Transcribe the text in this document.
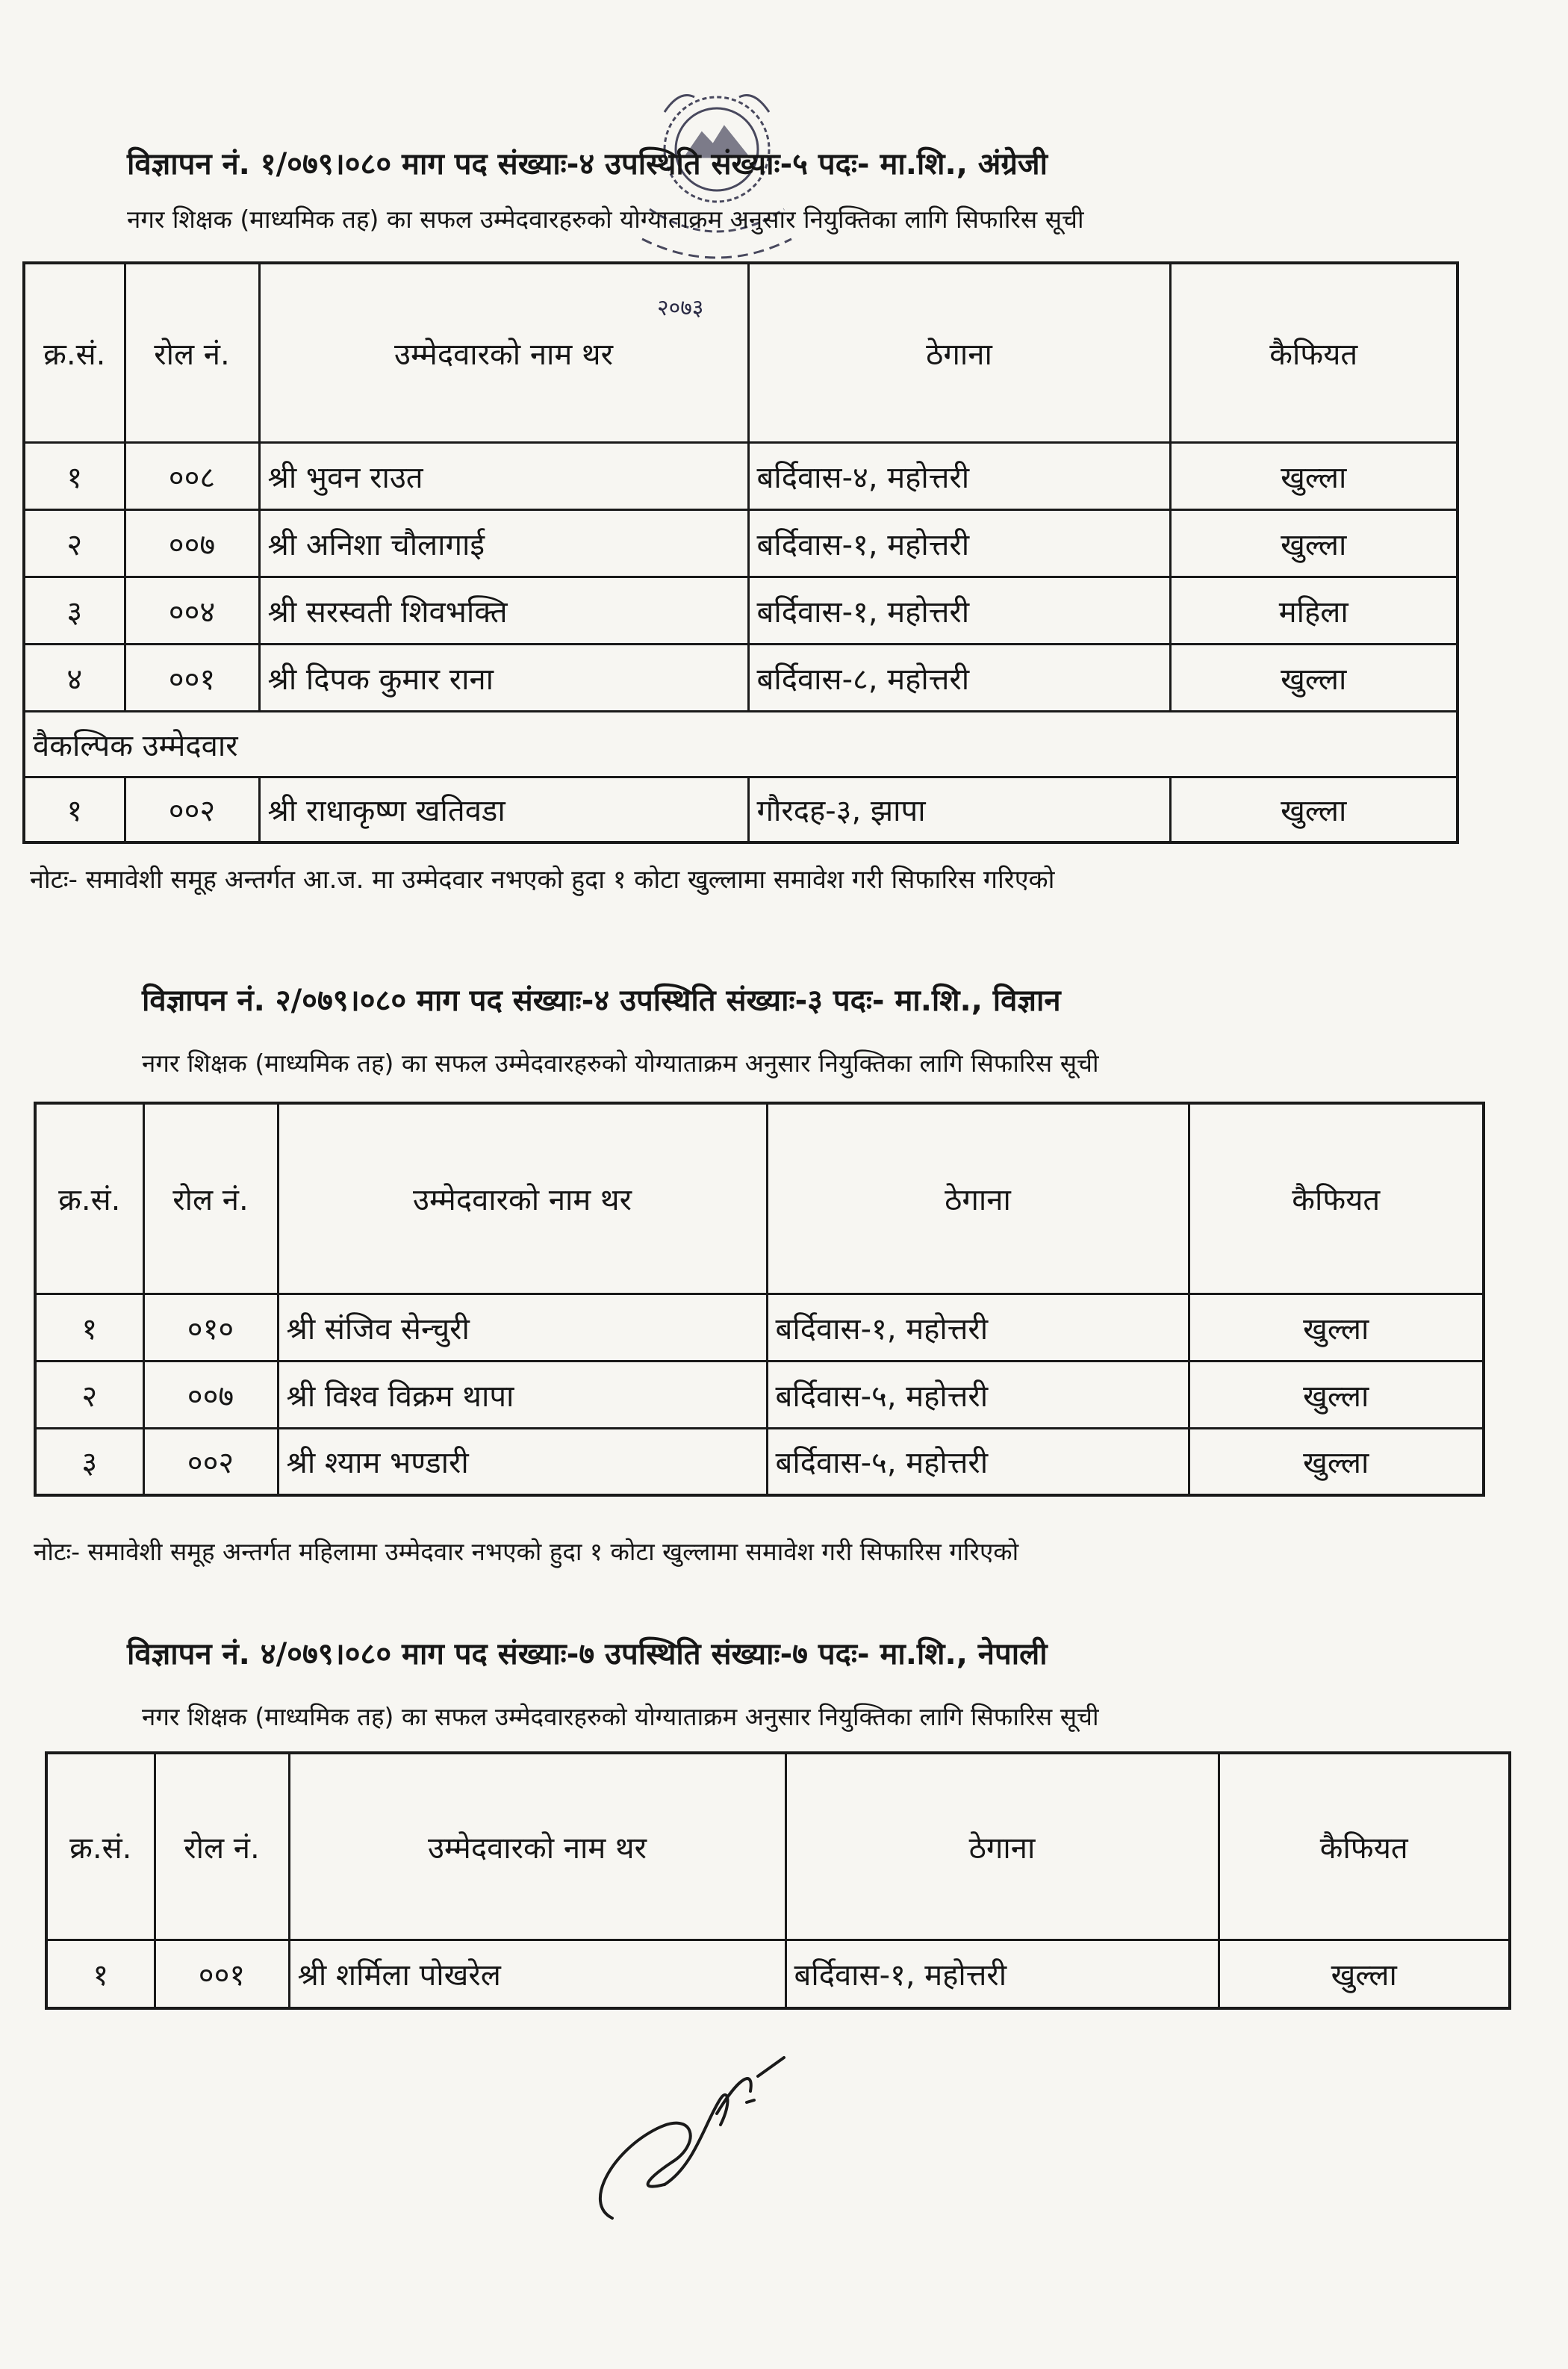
२०७३

विज्ञापन नं. १/०७९।०८० माग पद संख्याः-४ उपस्थिति संख्याः-५ पदः- मा.शि., अंग्रेजी

नगर शिक्षक (माध्यमिक तह) का सफल उम्मेदवारहरुको योग्याताक्रम अनुसार नियुक्तिका लागि सिफारिस सूची

क्र.सं.	रोल नं.	उम्मेदवारको नाम थर	ठेगाना	कैफियत
१	००८	श्री भुवन राउत	बर्दिवास-४, महोत्तरी	खुल्ला
२	००७	श्री अनिशा चौलागाई	बर्दिवास-१, महोत्तरी	खुल्ला
३	००४	श्री सरस्वती शिवभक्ति	बर्दिवास-१, महोत्तरी	महिला
४	००१	श्री दिपक कुमार राना	बर्दिवास-८, महोत्तरी	खुल्ला
वैकल्पिक उम्मेदवार				
१	००२	श्री राधाकृष्ण खतिवडा	गौरदह-३, झापा	खुल्ला

नोटः- समावेशी समूह अन्तर्गत आ.ज. मा उम्मेदवार नभएको हुदा १ कोटा खुल्लामा समावेश गरी सिफारिस गरिएको

विज्ञापन नं. २/०७९।०८० माग पद संख्याः-४ उपस्थिति संख्याः-३ पदः- मा.शि., विज्ञान

नगर शिक्षक (माध्यमिक तह) का सफल उम्मेदवारहरुको योग्याताक्रम अनुसार नियुक्तिका लागि सिफारिस सूची

क्र.सं.	रोल नं.	उम्मेदवारको नाम थर	ठेगाना	कैफियत
१	०१०	श्री संजिव सेन्चुरी	बर्दिवास-१, महोत्तरी	खुल्ला
२	००७	श्री विश्व विक्रम थापा	बर्दिवास-५, महोत्तरी	खुल्ला
३	००२	श्री श्याम भण्डारी	बर्दिवास-५, महोत्तरी	खुल्ला

नोटः- समावेशी समूह अन्तर्गत महिलामा उम्मेदवार नभएको हुदा १ कोटा खुल्लामा समावेश गरी सिफारिस गरिएको

विज्ञापन नं. ४/०७९।०८० माग पद संख्याः-७ उपस्थिति संख्याः-७ पदः- मा.शि., नेपाली

नगर शिक्षक (माध्यमिक तह) का सफल उम्मेदवारहरुको योग्याताक्रम अनुसार नियुक्तिका लागि सिफारिस सूची

क्र.सं.	रोल नं.	उम्मेदवारको नाम थर	ठेगाना	कैफियत
१	००१	श्री शर्मिला पोखरेल	बर्दिवास-१, महोत्तरी	खुल्ला
